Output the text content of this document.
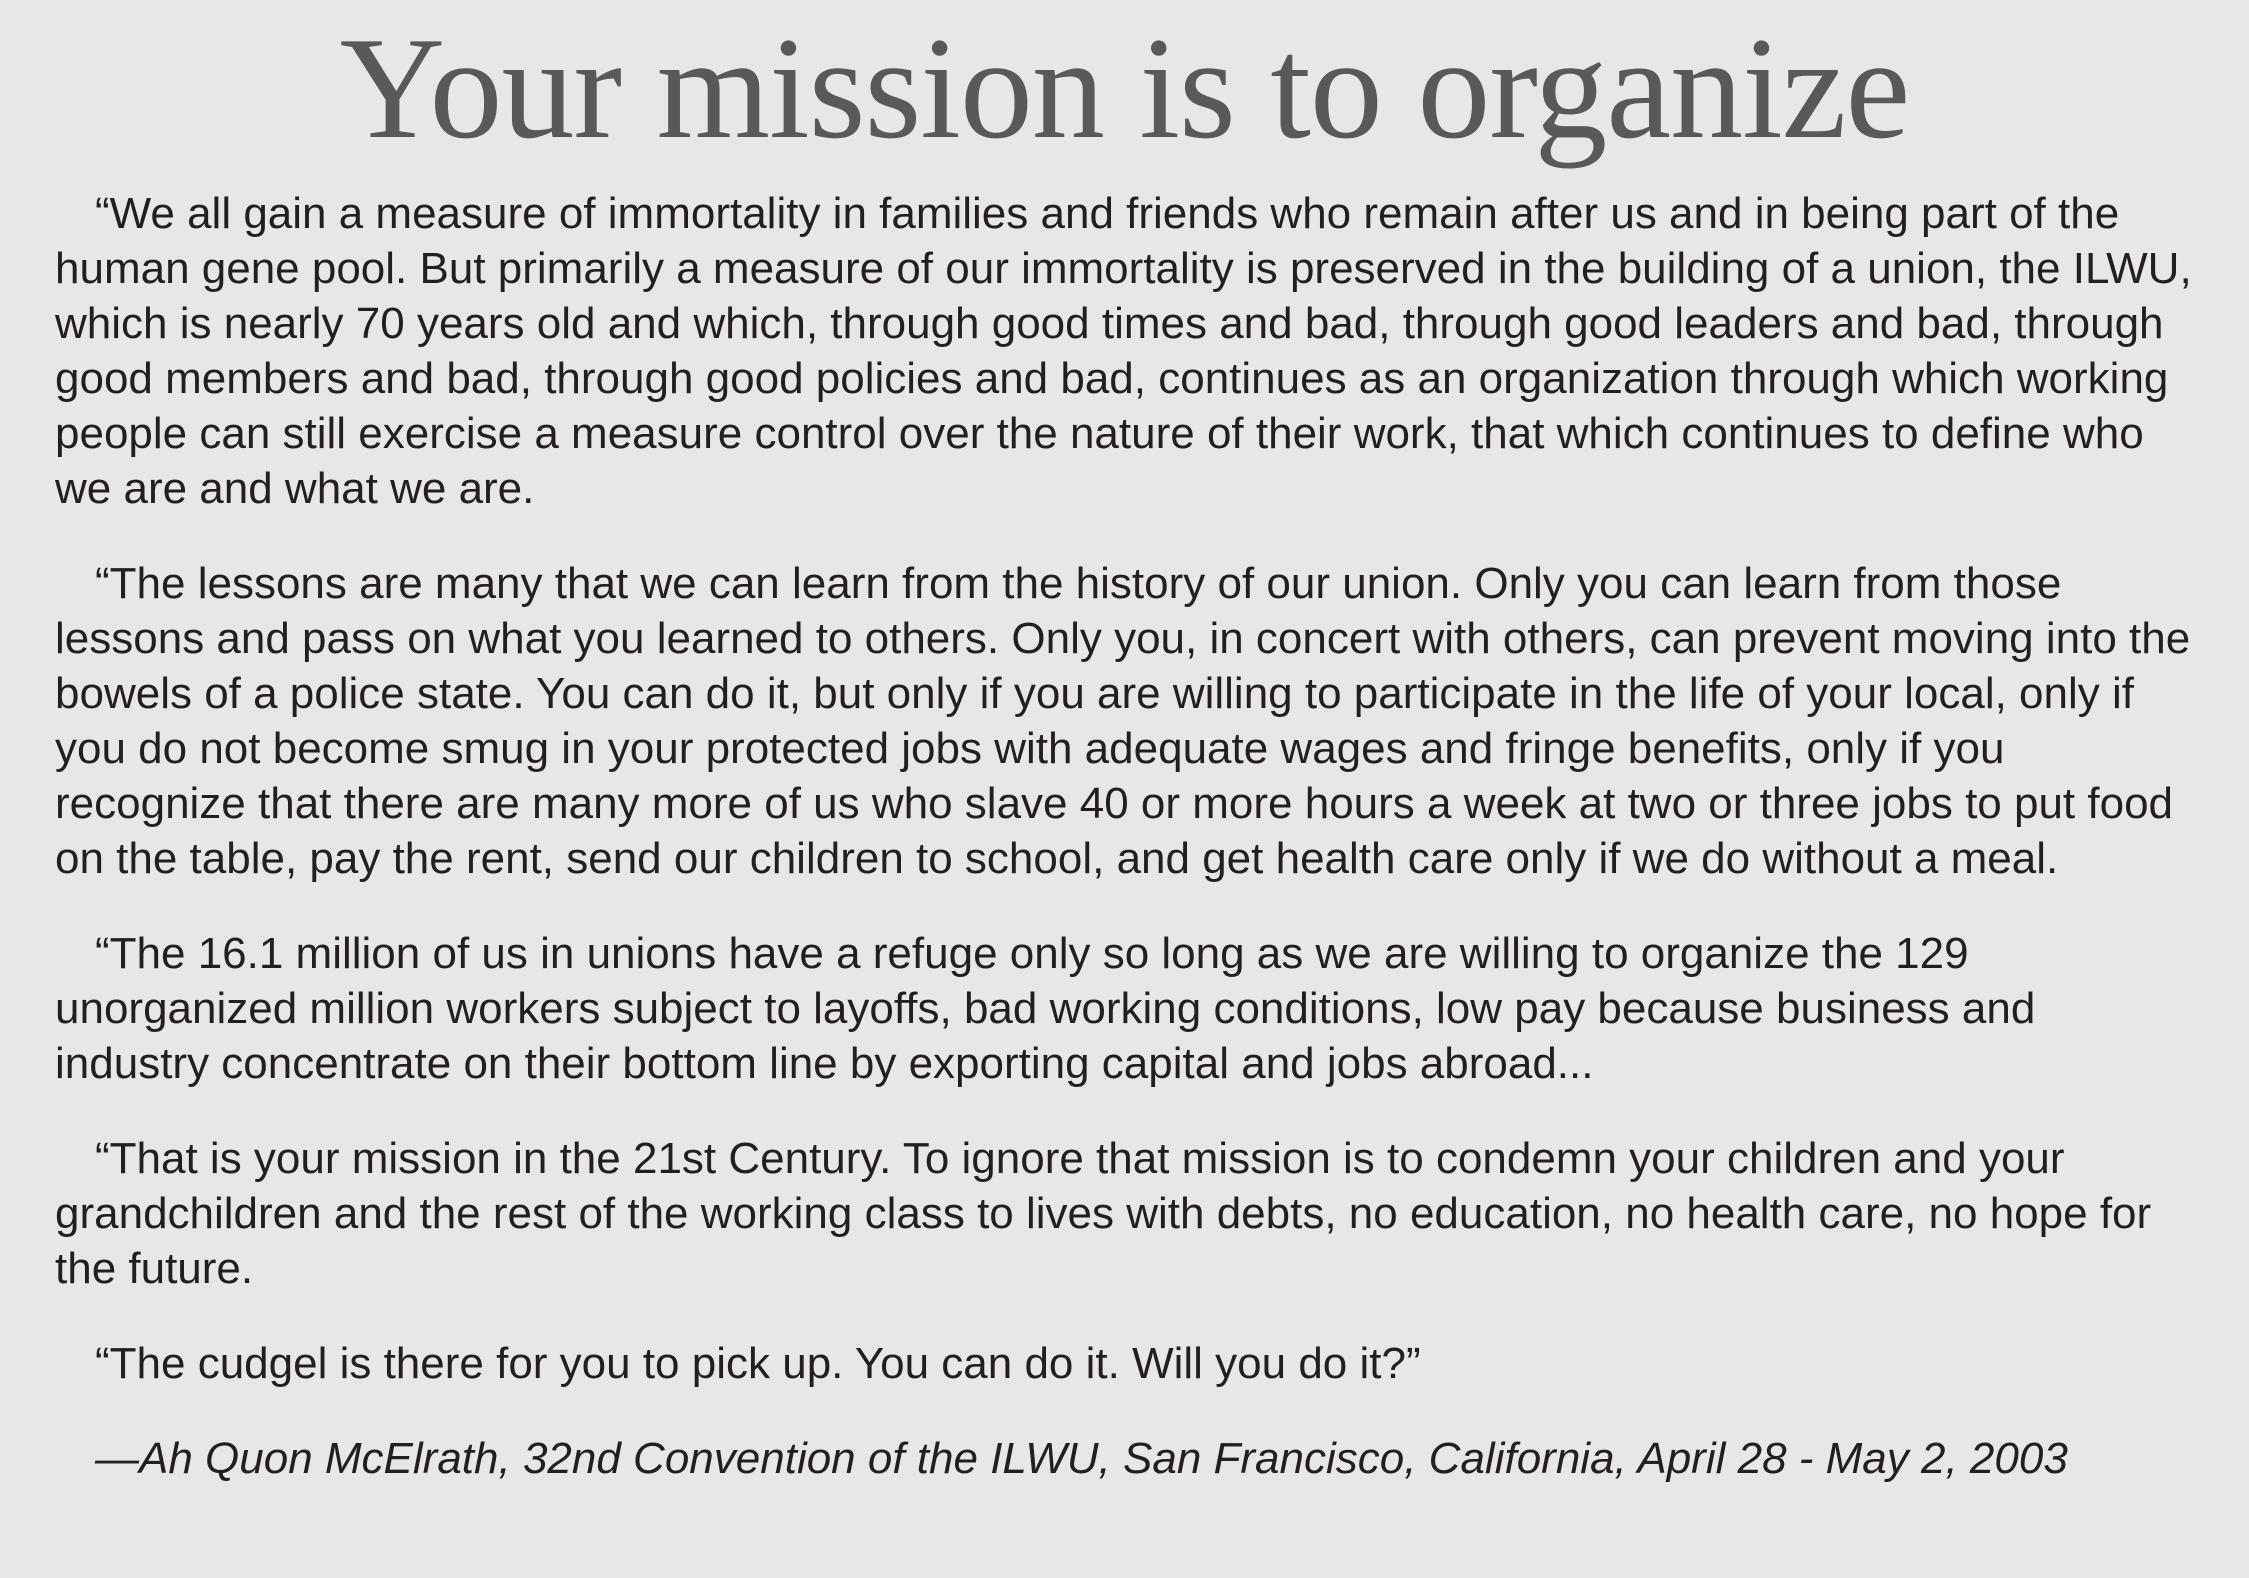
Your mission is to organize

“We all gain a measure of immortality in families and friends who remain after us and in being part of the human gene pool. But primarily a measure of our immortality is preserved in the building of a union, the ILWU, which is nearly 70 years old and which, through good times and bad, through good leaders and bad, through good members and bad, through good policies and bad, continues as an organization through which working people can still exercise a measure control over the nature of their work, that which continues to define who we are and what we are.

“The lessons are many that we can learn from the history of our union. Only you can learn from those lessons and pass on what you learned to others. Only you, in concert with others, can prevent moving into the bowels of a police state. You can do it, but only if you are willing to participate in the life of your local, only if you do not become smug in your protected jobs with adequate wages and fringe benefits, only if you recognize that there are many more of us who slave 40 or more hours a week at two or three jobs to put food on the table, pay the rent, send our children to school, and get health care only if we do without a meal.

“The 16.1 million of us in unions have a refuge only so long as we are willing to organize the 129 unorganized million workers subject to layoffs, bad working conditions, low pay because business and industry concentrate on their bottom line by exporting capital and jobs abroad...

“That is your mission in the 21st Century. To ignore that mission is to condemn your children and your grandchildren and the rest of the working class to lives with debts, no education, no health care, no hope for the future.

“The cudgel is there for you to pick up. You can do it. Will you do it?”

—Ah Quon McElrath, 32nd Convention of the ILWU, San Francisco, California, April 28 - May 2, 2003
